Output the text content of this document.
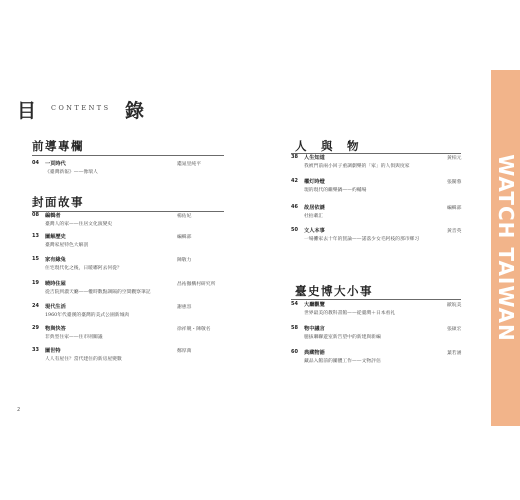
目 CONTENTS 錄
前導專欄
04 一頁時代
《臺灣新報》——像瑞人
鑑晁里純平
封面故事
08 編輯者
臺灣人的家——住居文化演變史
楊佑妃
13 圖解歷史
臺灣家屋特色大解剖
編輯部
15 家有緣兔
住宅現代化之後，日暖嘟阿去何從？
陳敬力
19 曉時住屋
從吉院到濃天廳——權時數點調隔的空間觀察筆記
昌祐撤構村研究所
24 現代生活
1960年代臺漢的臺灣的美式公園新城肉
謝惠容
29 物與快答
非典型住家——住市則關議
徐祥競・陳敬名
33 圖世特
人人有屋住？當代建住的新房屋變數
鄭厚萬
人　與　物
38 人生知道
我被門前兩小回子重調劇樂的「家」的人俱與度家
黃柏元
42 權灯時燈
現的現代的繼樂鍋——約輔場
張閥蓉
46 故居依謎
杜拍載汇
編輯部
50 文人本事
一場攤家去十年的賀論——諾落少女毛阿枝的那市鄉习
黃音英
臺史博大小事
54 大廳觀覽
世界最美的教科書館——從臺灣＋日本看礼
歐皖美
58 物中議言
臆拔聯聯遊室新告望中的新建與新編
張碩宏
60 典藏物語
藏品入館前的團體工作——文物評估
葉若涵
WATCH TAIWAN
2
